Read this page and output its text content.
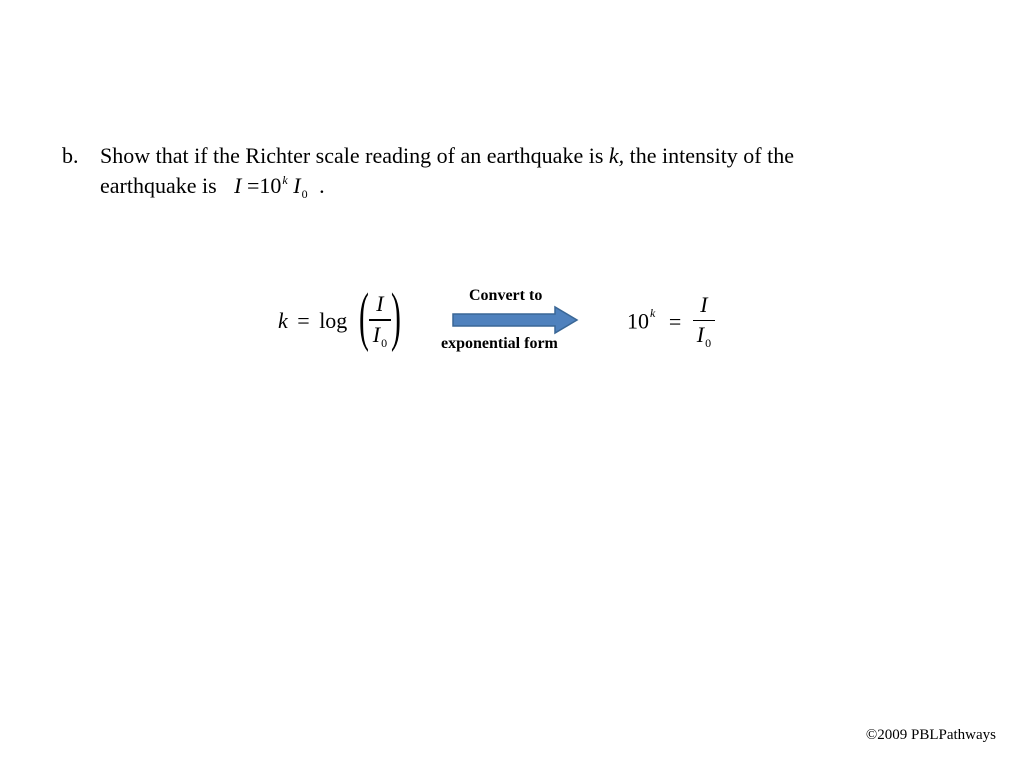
b. Show that if the Richter scale reading of an earthquake is k, the intensity of the
earthquake is $I =10^k$ $I_0$ .
k = log ( $\frac{I}{I_0}$ )	Convert to
exponential form
$10^k = \frac{I}{I_0}$
©2009 PBLPathways
